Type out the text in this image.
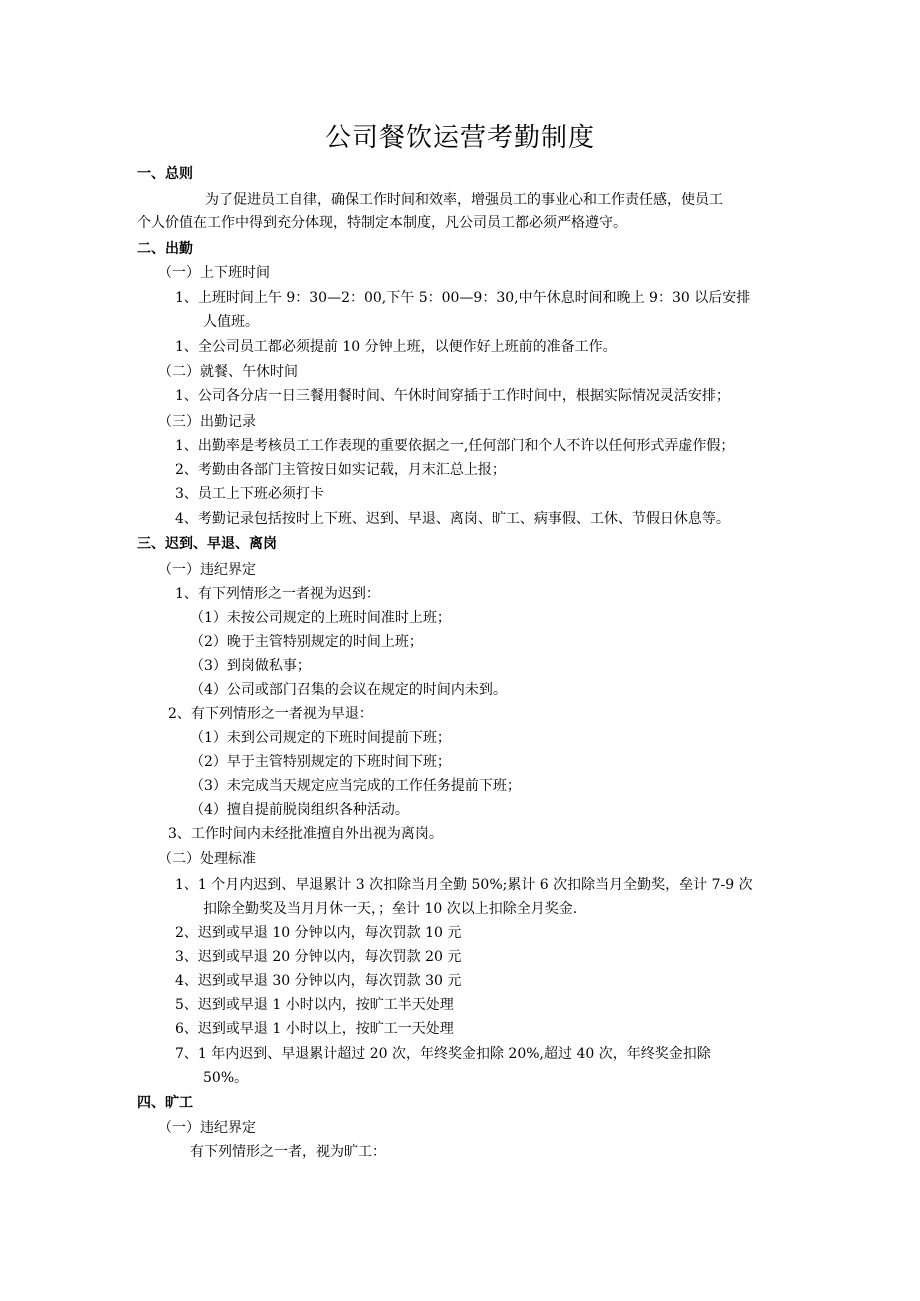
公司餐饮运营考勤制度
一、总则
为了促进员工自律，确保工作时间和效率，增强员工的事业心和工作责任感，使员工
个人价值在工作中得到充分体现，特制定本制度，凡公司员工都必须严格遵守。
二、出勤
（一）上下班时间
1、上班时间上午 9：30—2：00,下午 5：00—9：30,中午休息时间和晚上 9：30 以后安排
人值班。
1、全公司员工都必须提前 10 分钟上班，以便作好上班前的准备工作。
（二）就餐、午休时间
1、公司各分店一日三餐用餐时间、午休时间穿插于工作时间中，根据实际情况灵活安排；
（三）出勤记录
1、出勤率是考核员工工作表现的重要依据之一,任何部门和个人不许以任何形式弄虚作假；
2、考勤由各部门主管按日如实记载，月末汇总上报；
3、员工上下班必须打卡
4、考勤记录包括按时上下班、迟到、早退、离岗、旷工、病事假、工休、节假日休息等。
三、迟到、早退、离岗
（一）违纪界定
1、有下列情形之一者视为迟到：
（1）未按公司规定的上班时间准时上班；
（2）晚于主管特别规定的时间上班；
（3）到岗做私事；
（4）公司或部门召集的会议在规定的时间内未到。
2、有下列情形之一者视为早退：
（1）未到公司规定的下班时间提前下班；
（2）早于主管特别规定的下班时间下班；
（3）未完成当天规定应当完成的工作任务提前下班；
（4）擅自提前脱岗组织各种活动。
3、工作时间内未经批准擅自外出视为离岗。
（二）处理标准
1、1 个月内迟到、早退累计 3 次扣除当月全勤 50%;累计 6 次扣除当月全勤奖，垒计 7-9 次
扣除全勤奖及当月月休一天，；垒计 10 次以上扣除全月奖金.
2、迟到或早退 10 分钟以内，每次罚款 10 元
3、迟到或早退 20 分钟以内，每次罚款 20 元
4、迟到或早退 30 分钟以内，每次罚款 30 元
5、迟到或早退 1 小时以内，按旷工半天处理
6、迟到或早退 1 小时以上，按旷工一天处理
7、1 年内迟到、早退累计超过 20 次，年终奖金扣除 20%,超过 40 次，年终奖金扣除
50%。
四、旷工
（一）违纪界定
有下列情形之一者，视为旷工：
